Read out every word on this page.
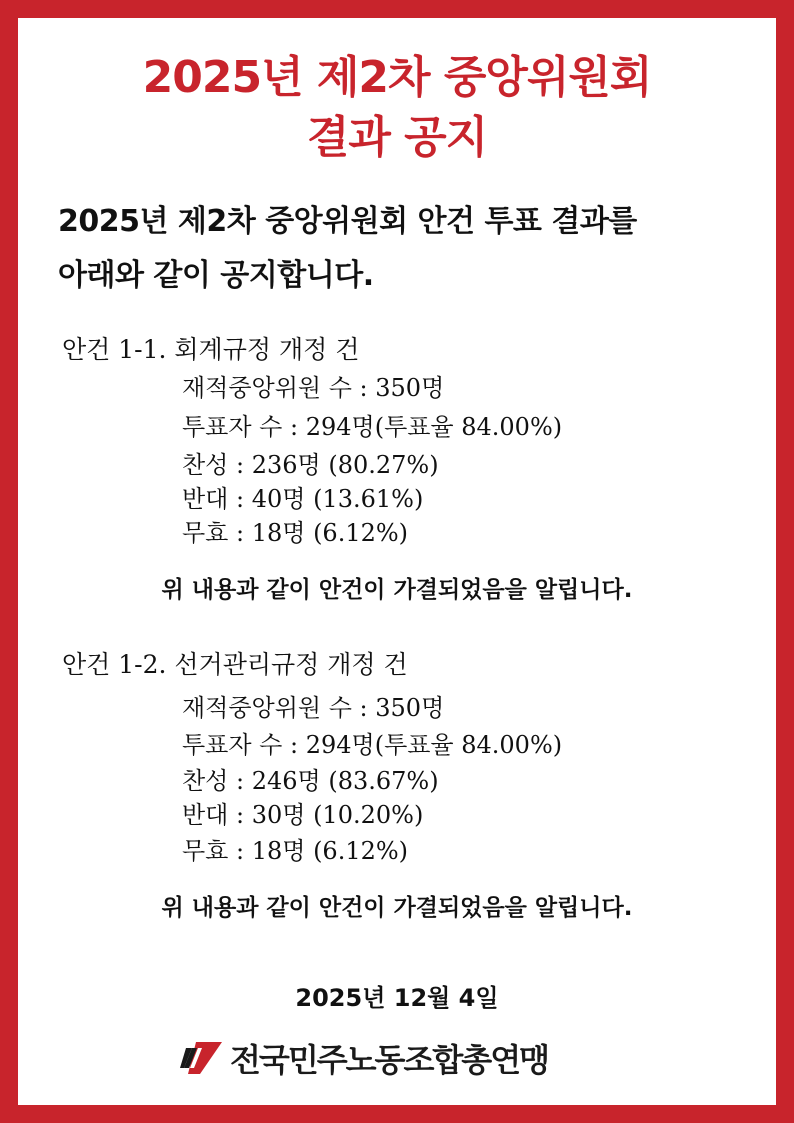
2025년 제2차 중앙위원회
결과 공지
2025년 제2차 중앙위원회 안건 투표 결과를
아래와 같이 공지합니다.
안건 1-1. 회계규정 개정 건
재적중앙위원 수 : 350명
투표자 수 : 294명(투표율 84.00%)
찬성 : 236명 (80.27%)
반대 : 40명 (13.61%)
무효 : 18명 (6.12%)
위 내용과 같이 안건이 가결되었음을 알립니다.
안건 1-2. 선거관리규정 개정 건
재적중앙위원 수 : 350명
투표자 수 : 294명(투표율 84.00%)
찬성 : 246명 (83.67%)
반대 : 30명 (10.20%)
무효 : 18명 (6.12%)
위 내용과 같이 안건이 가결되었음을 알립니다.
2025년 12월 4일
전국민주노동조합총연맹
